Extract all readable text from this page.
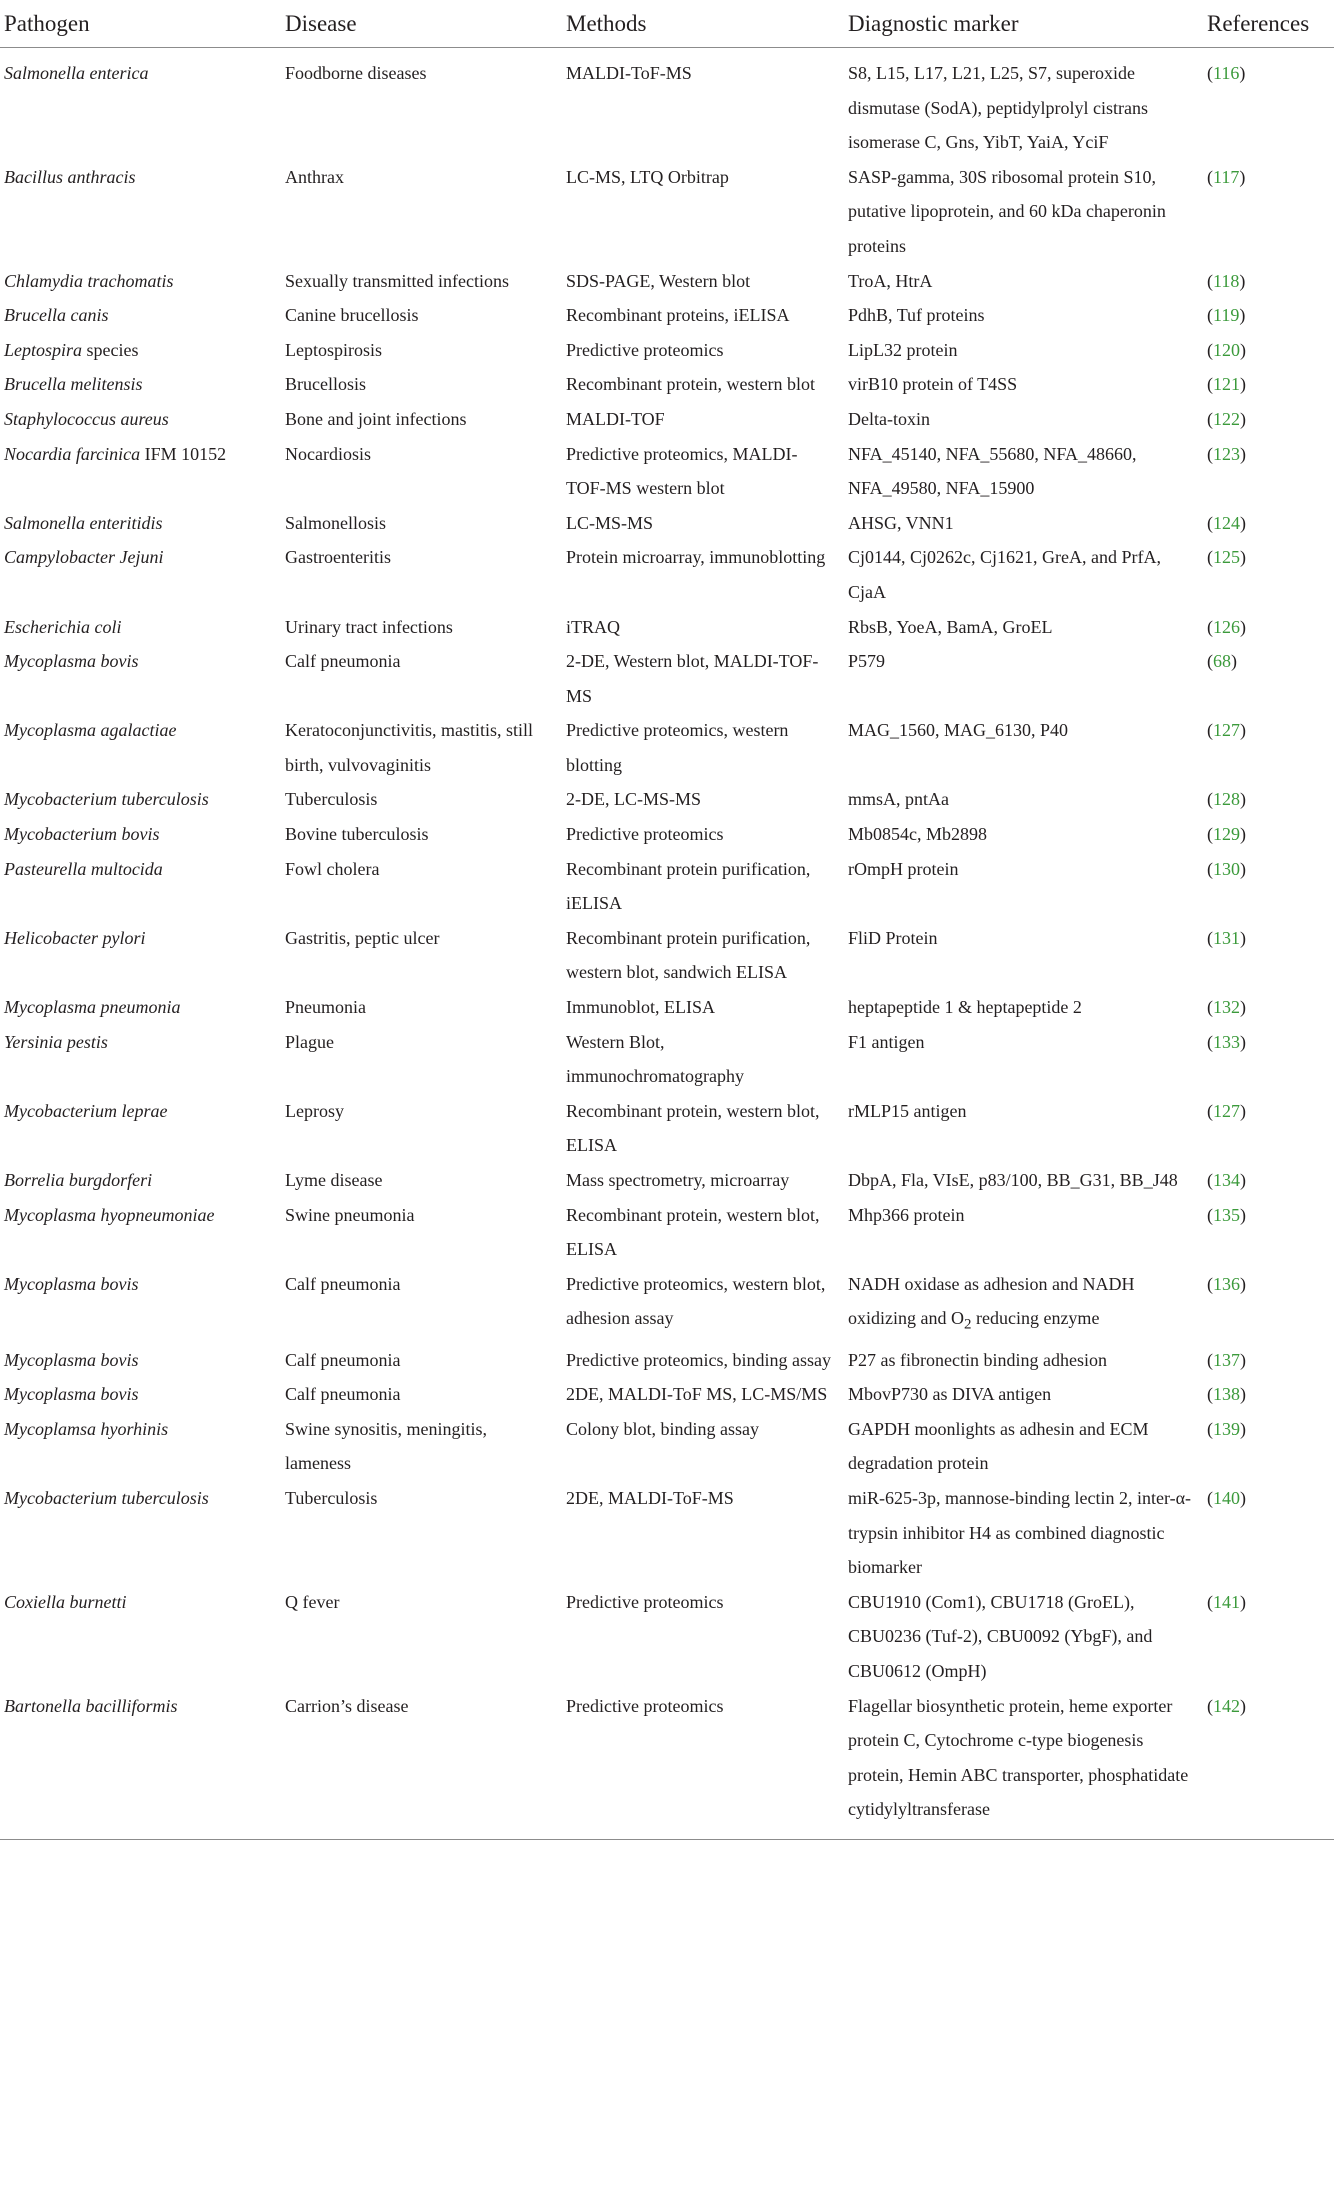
Pathogen	Disease	Methods	Diagnostic marker	References
Salmonella enterica	Foodborne diseases	MALDI-ToF-MS	S8, L15, L17, L21, L25, S7, superoxide dismutase (SodA), peptidylprolyl cistrans isomerase C, Gns, YibT, YaiA, YciF	(116)
Bacillus anthracis	Anthrax	LC-MS, LTQ Orbitrap	SASP-gamma, 30S ribosomal protein S10, putative lipoprotein, and 60 kDa chaperonin proteins	(117)
Chlamydia trachomatis	Sexually transmitted infections	SDS-PAGE, Western blot	TroA, HtrA	(118)
Brucella canis	Canine brucellosis	Recombinant proteins, iELISA	PdhB, Tuf proteins	(119)
Leptospira species	Leptospirosis	Predictive proteomics	LipL32 protein	(120)
Brucella melitensis	Brucellosis	Recombinant protein, western blot	virB10 protein of T4SS	(121)
Staphylococcus aureus	Bone and joint infections	MALDI-TOF	Delta-toxin	(122)
Nocardia farcinica IFM 10152	Nocardiosis	Predictive proteomics, MALDI-TOF-MS western blot	NFA_45140, NFA_55680, NFA_48660, NFA_49580, NFA_15900	(123)
Salmonella enteritidis	Salmonellosis	LC-MS-MS	AHSG, VNN1	(124)
Campylobacter Jejuni	Gastroenteritis	Protein microarray, immunoblotting	Cj0144, Cj0262c, Cj1621, GreA, and PrfA, CjaA	(125)
Escherichia coli	Urinary tract infections	iTRAQ	RbsB, YoeA, BamA, GroEL	(126)
Mycoplasma bovis	Calf pneumonia	2-DE, Western blot, MALDI-TOF-MS	P579	(68)
Mycoplasma agalactiae	Keratoconjunctivitis, mastitis, still birth, vulvovaginitis	Predictive proteomics, western blotting	MAG_1560, MAG_6130, P40	(127)
Mycobacterium tuberculosis	Tuberculosis	2-DE, LC-MS-MS	mmsA, pntAa	(128)
Mycobacterium bovis	Bovine tuberculosis	Predictive proteomics	Mb0854c, Mb2898	(129)
Pasteurella multocida	Fowl cholera	Recombinant protein purification, iELISA	rOmpH protein	(130)
Helicobacter pylori	Gastritis, peptic ulcer	Recombinant protein purification, western blot, sandwich ELISA	FliD Protein	(131)
Mycoplasma pneumonia	Pneumonia	Immunoblot, ELISA	heptapeptide 1 & heptapeptide 2	(132)
Yersinia pestis	Plague	Western Blot, immunochromatography	F1 antigen	(133)
Mycobacterium leprae	Leprosy	Recombinant protein, western blot, ELISA	rMLP15 antigen	(127)
Borrelia burgdorferi	Lyme disease	Mass spectrometry, microarray	DbpA, Fla, VIsE, p83/100, BB_G31, BB_J48	(134)
Mycoplasma hyopneumoniae	Swine pneumonia	Recombinant protein, western blot, ELISA	Mhp366 protein	(135)
Mycoplasma bovis	Calf pneumonia	Predictive proteomics, western blot, adhesion assay	NADH oxidase as adhesion and NADH oxidizing and $O_2$ reducing enzyme	(136)
Mycoplasma bovis	Calf pneumonia	Predictive proteomics, binding assay	P27 as fibronectin binding adhesion	(137)
Mycoplasma bovis	Calf pneumonia	2DE, MALDI-ToF MS, LC-MS/MS	MbovP730 as DIVA antigen	(138)
Mycoplamsa hyorhinis	Swine synositis, meningitis, lameness	Colony blot, binding assay	GAPDH moonlights as adhesin and ECM degradation protein	(139)
Mycobacterium tuberculosis	Tuberculosis	2DE, MALDI-ToF-MS	miR-625-3p, mannose-binding lectin 2, inter-α-trypsin inhibitor H4 as combined diagnostic biomarker	(140)
Coxiella burnetti	Q fever	Predictive proteomics	CBU1910 (Com1), CBU1718 (GroEL), CBU0236 (Tuf-2), CBU0092 (YbgF), and CBU0612 (OmpH)	(141)
Bartonella bacilliformis	Carrion’s disease	Predictive proteomics	Flagellar biosynthetic protein, heme exporter protein C, Cytochrome c-type biogenesis protein, Hemin ABC transporter, phosphatidate cytidylyltransferase	(142)
